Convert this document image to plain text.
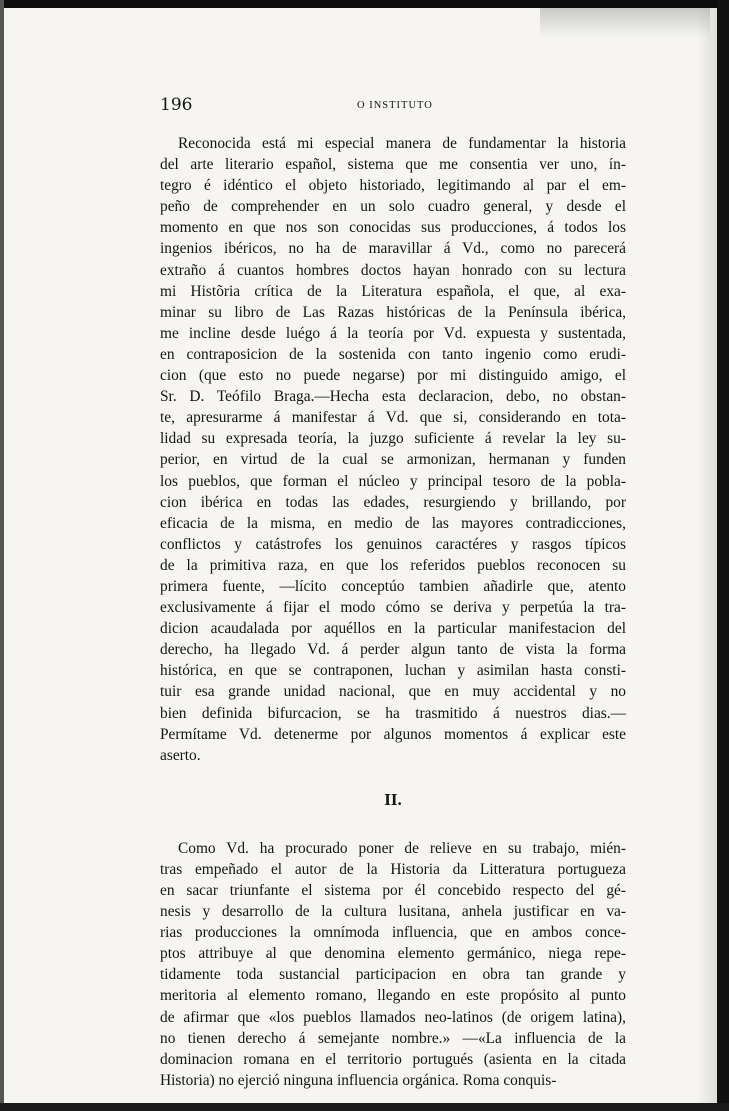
196	O INSTITUTO
Reconocida está mi especial manera de fundamentar la historia
del arte literario español, sistema que me consentia ver uno, ín-
tegro é idéntico el objeto historiado, legitimando al par el em-
peño de comprehender en un solo cuadro general, y desde el
momento en que nos son conocidas sus producciones, á todos los
ingenios ibéricos, no ha de maravillar á Vd., como no parecerá
extraño á cuantos hombres doctos hayan honrado con su lectura
mi Histõria crítica de la Literatura española, el que, al exa-
minar su libro de Las Razas históricas de la Península ibérica,
me incline desde luégo á la teoría por Vd. expuesta y sustentada,
en contraposicion de la sostenida con tanto ingenio como erudi-
cion (que esto no puede negarse) por mi distinguido amigo, el
Sr. D. Teófilo Braga.—Hecha esta declaracion, debo, no obstan-
te, apresurarme á manifestar á Vd. que si, considerando en tota-
lidad su expresada teoría, la juzgo suficiente á revelar la ley su-
perior, en virtud de la cual se armonizan, hermanan y funden
los pueblos, que forman el núcleo y principal tesoro de la pobla-
cion ibérica en todas las edades, resurgiendo y brillando, por
eficacia de la misma, en medio de las mayores contradicciones,
conflictos y catástrofes los genuinos caractéres y rasgos típicos
de la primitiva raza, en que los referidos pueblos reconocen su
primera fuente, —lícito conceptúo tambien añadirle que, atento
exclusivamente á fijar el modo cómo se deriva y perpetúa la tra-
dicion acaudalada por aquéllos en la particular manifestacion del
derecho, ha llegado Vd. á perder algun tanto de vista la forma
histórica, en que se contraponen, luchan y asimilan hasta consti-
tuir esa grande unidad nacional, que en muy accidental y no
bien definida bifurcacion, se ha trasmitido á nuestros dias.—
Permítame Vd. detenerme por algunos momentos á explicar este
aserto.
II.
Como Vd. ha procurado poner de relieve en su trabajo, mién-
tras empeñado el autor de la Historia da Litteratura portugueza
en sacar triunfante el sistema por él concebido respecto del gé-
nesis y desarrollo de la cultura lusitana, anhela justificar en va-
rias producciones la omnímoda influencia, que en ambos conce-
ptos attribuye al que denomina elemento germánico, niega repe-
tidamente toda sustancial participacion en obra tan grande y
meritoria al elemento romano, llegando en este propósito al punto
de afirmar que «los pueblos llamados neo-latinos (de origem latina),
no tienen derecho á semejante nombre.» —«La influencia de la
dominacion romana en el territorio portugués (asienta en la citada
Historia) no ejerció ninguna influencia orgánica. Roma conquis-
